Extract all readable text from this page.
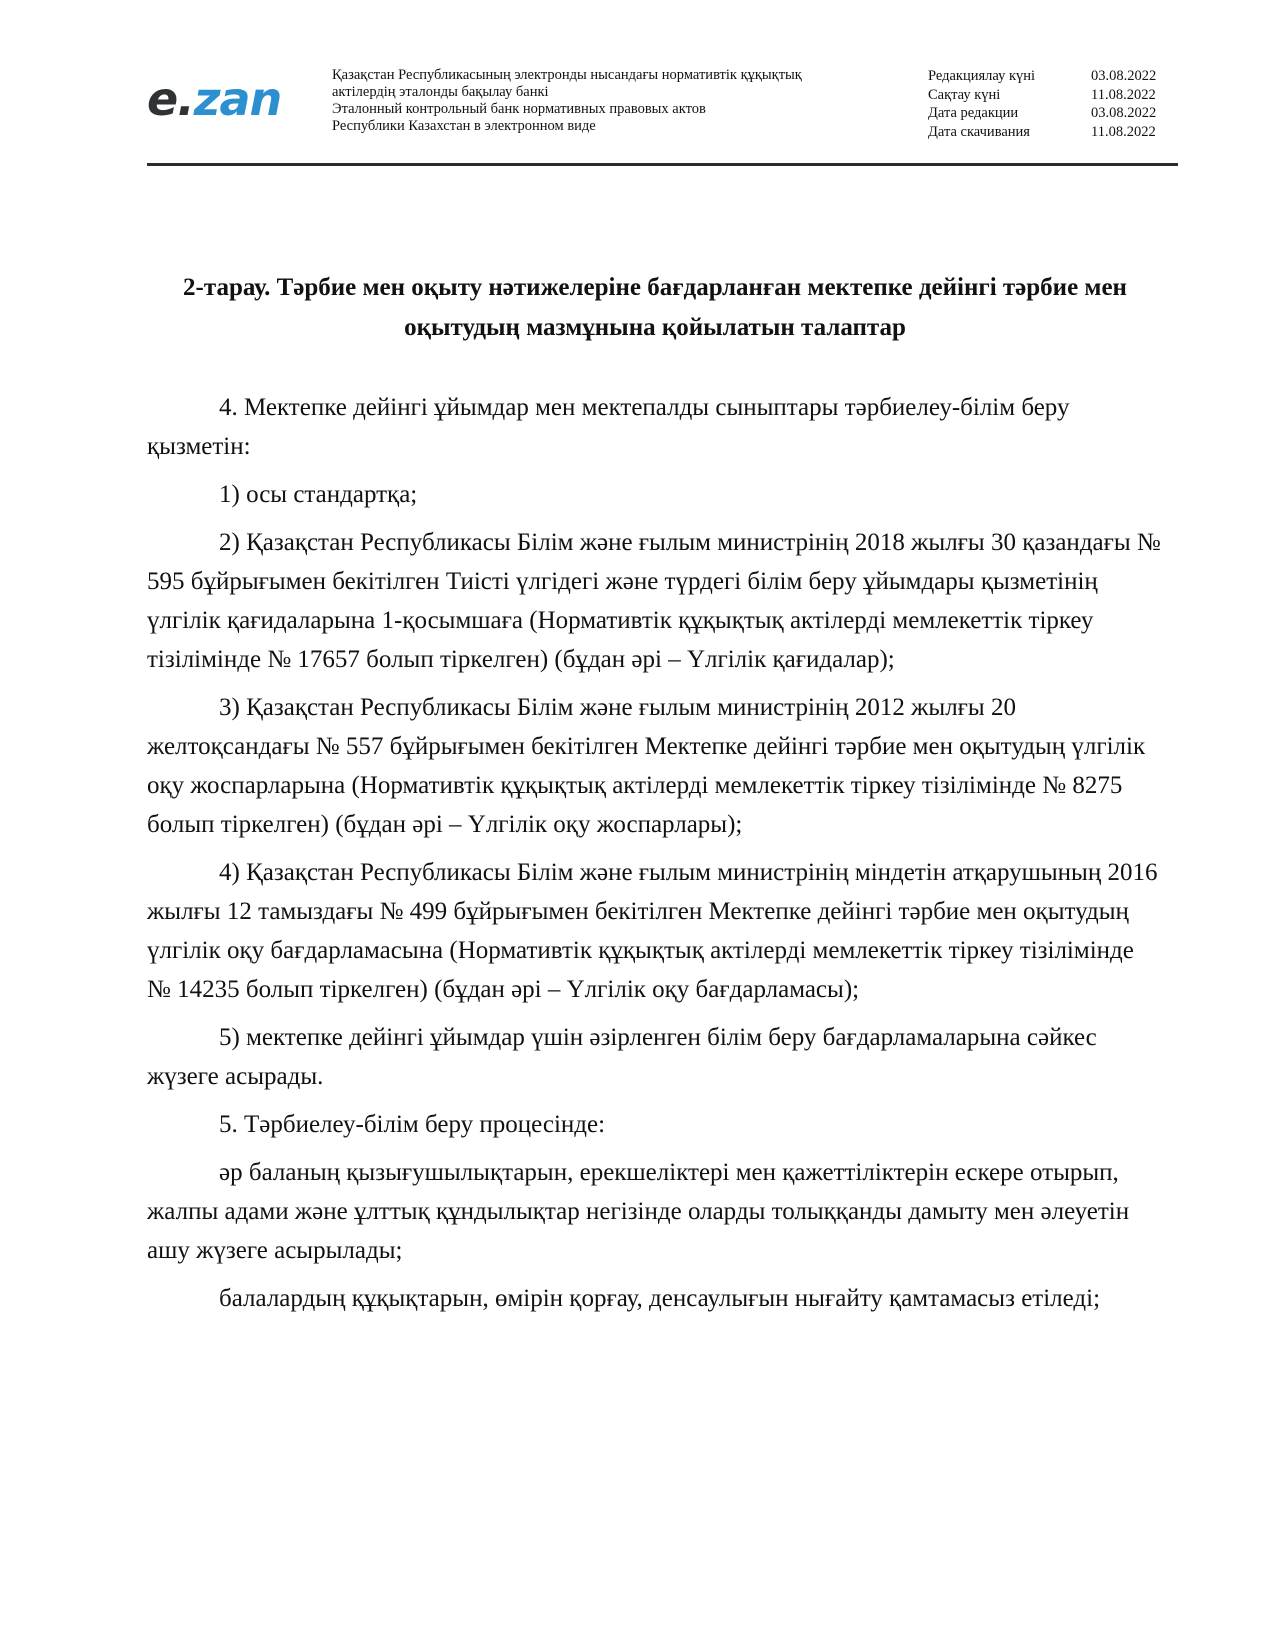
e.zan	Қазақстан Республикасының электронды нысандағы нормативтік құқықтық
актілердің эталонды бақылау банкі
Эталонный контрольный банк нормативных правовых актов
Республики Казахстан в электронном виде
Редакциялау күні	03.08.2022
Сақтау күні	11.08.2022
Дата редакции	03.08.2022
Дата скачивания	11.08.2022
2-тарау. Тәрбие мен оқыту нәтижелеріне бағдарланған мектепке дейінгі тәрбие мен оқытудың мазмұнына қойылатын талаптар

4. Мектепке дейінгі ұйымдар мен мектепалды сыныптары тәрбиелеу-білім беру қызметін:

1) осы стандартқа;

2) Қазақстан Республикасы Білім және ғылым министрінің 2018 жылғы 30 қазандағы № 595 бұйрығымен бекітілген Тиісті үлгідегі және түрдегі білім беру ұйымдары қызметінің үлгілік қағидаларына 1-қосымшаға (Нормативтік құқықтық актілерді мемлекеттік тіркеу тізілімінде № 17657 болып тіркелген) (бұдан әрі – Үлгілік қағидалар);

3) Қазақстан Республикасы Білім және ғылым министрінің 2012 жылғы 20 желтоқсандағы № 557 бұйрығымен бекітілген Мектепке дейінгі тәрбие мен оқытудың үлгілік оқу жоспарларына (Нормативтік құқықтық актілерді мемлекеттік тіркеу тізілімінде № 8275 болып тіркелген) (бұдан әрі – Үлгілік оқу жоспарлары);

4) Қазақстан Республикасы Білім және ғылым министрінің міндетін атқарушының 2016 жылғы 12 тамыздағы № 499 бұйрығымен бекітілген Мектепке дейінгі тәрбие мен оқытудың үлгілік оқу бағдарламасына (Нормативтік құқықтық актілерді мемлекеттік тіркеу тізілімінде № 14235 болып тіркелген) (бұдан әрі – Үлгілік оқу бағдарламасы);

5) мектепке дейінгі ұйымдар үшін әзірленген білім беру бағдарламаларына сәйкес жүзеге асырады.

5. Тәрбиелеу-білім беру процесінде:

әр баланың қызығушылықтарын, ерекшеліктері мен қажеттіліктерін ескере отырып, жалпы адами және ұлттық құндылықтар негізінде оларды толыққанды дамыту мен әлеуетін ашу жүзеге асырылады;

балалардың құқықтарын, өмірін қорғау, денсаулығын нығайту қамтамасыз етіледі;
